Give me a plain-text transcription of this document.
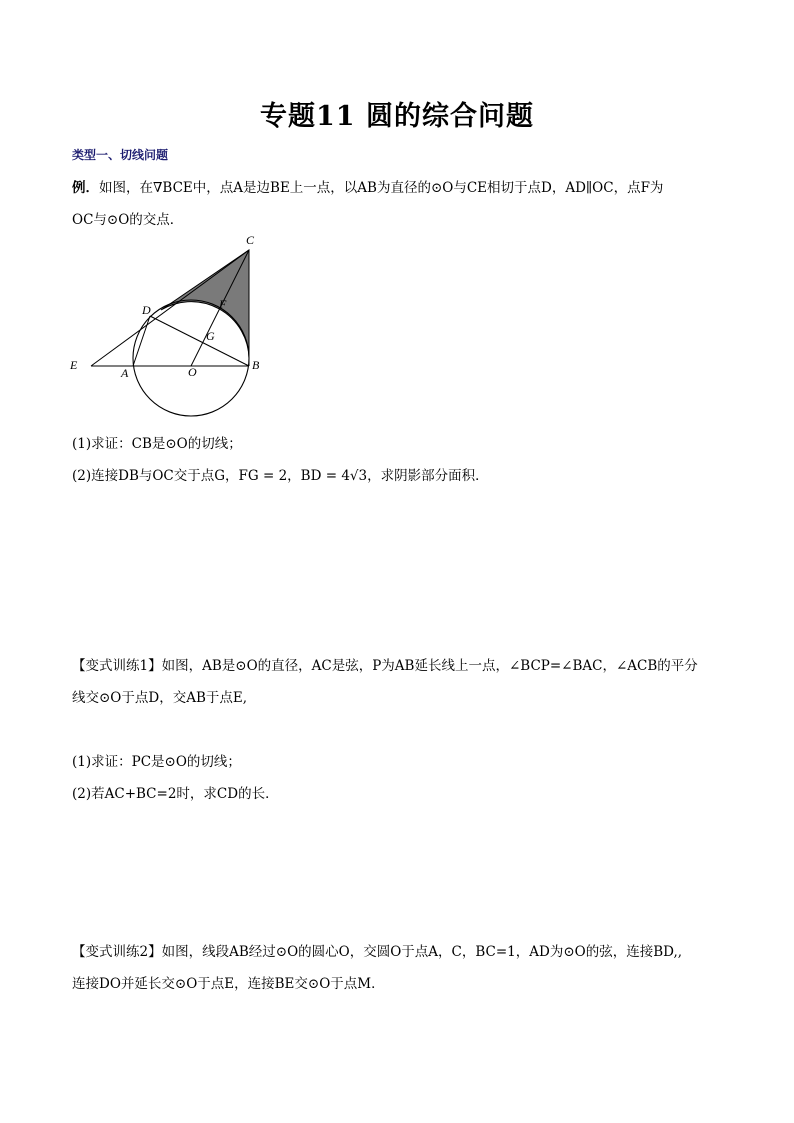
专题11 圆的综合问题
类型一、切线问题
例．如图，在∇BCE中，点A是边BE上一点，以AB为直径的⊙O与CE相切于点D，AD∥OC，点F为
OC与⊙O的交点．
C
D	F
G
E
A	O	B
(1)求证：CB是⊙O的切线；
(2)连接DB与OC交于点G，FG = 2，BD = 4√3，求阴影部分面积．
【变式训练1】如图，AB是⊙O的直径，AC是弦，P为AB延长线上一点，∠BCP=∠BAC，∠ACB的平分
线交⊙O于点D，交AB于点E,
(1)求证：PC是⊙O的切线；
(2)若AC+BC=2时，求CD的长．
【变式训练2】如图，线段AB经过⊙O的圆心O，交圆O于点A，C，BC=1，AD为⊙O的弦，连接BD,,
连接DO并延长交⊙O于点E，连接BE交⊙O于点M．
